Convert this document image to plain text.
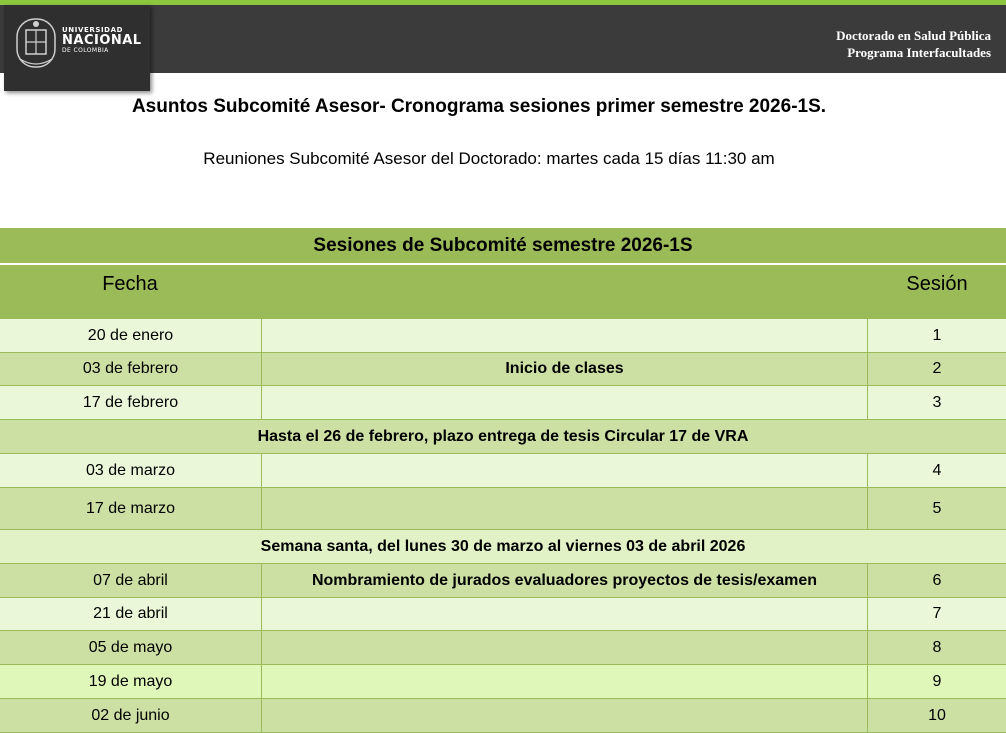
UNIVERSIDAD
NACIONAL
DE COLOMBIA
Doctorado en Salud Pública
Programa Interfacultades
Asuntos Subcomité Asesor- Cronograma sesiones primer semestre 2026-1S.
Reuniones Subcomité Asesor del Doctorado: martes cada 15 días 11:30 am
Sesiones de Subcomité semestre 2026-1S
Fecha	Sesión
20 de enero	1
03 de febrero	Inicio de clases	2
17 de febrero	3
Hasta el 26 de febrero, plazo entrega de tesis Circular 17 de VRA
03 de marzo	4
17 de marzo	5
Semana santa, del lunes 30 de marzo al viernes 03 de abril 2026
07 de abril	Nombramiento de jurados evaluadores proyectos de tesis/examen	6
21 de abril	7
05 de mayo	8
19 de mayo	9
02 de junio	10
